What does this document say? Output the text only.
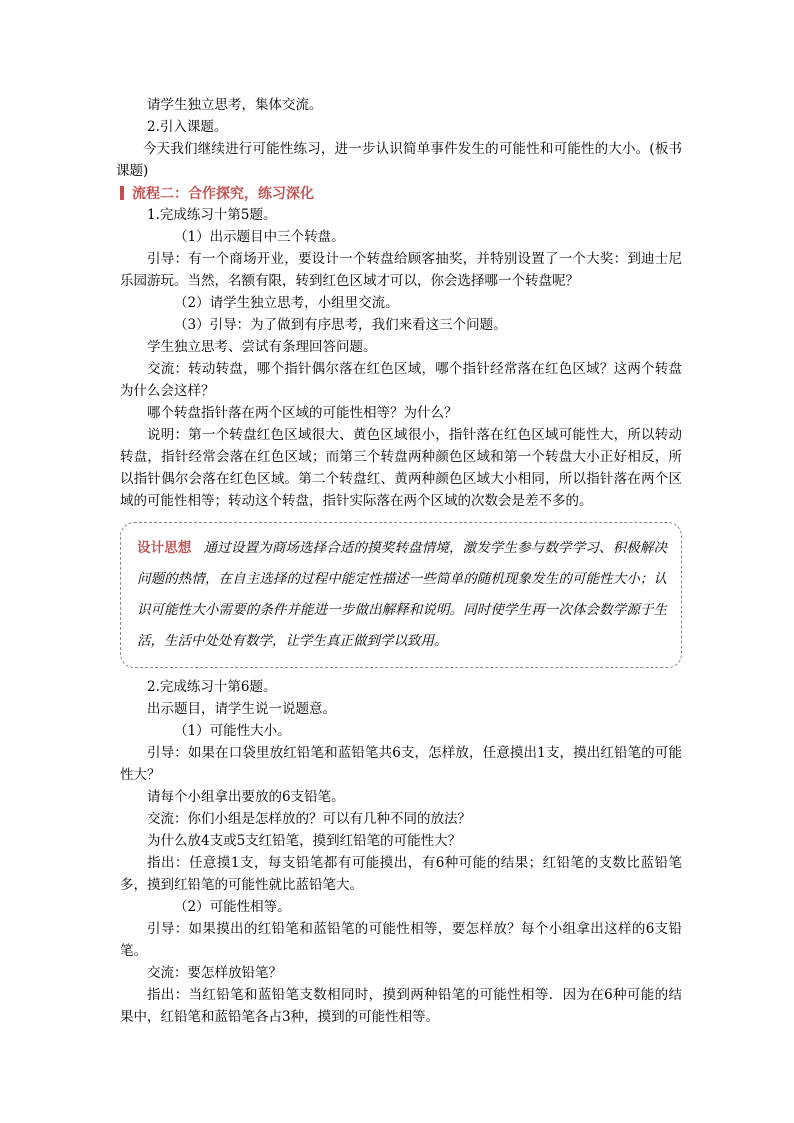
请学生独立思考，集体交流。

2.引入课题。

今天我们继续进行可能性练习，进一步认识简单事件发生的可能性和可能性的大小。(板书课题)

流程二：合作探究，练习深化

1.完成练习十第5题。

（1）出示题目中三个转盘。

引导：有一个商场开业，要设计一个转盘给顾客抽奖，并特别设置了一个大奖：到迪士尼乐园游玩。当然，名额有限，转到红色区域才可以，你会选择哪一个转盘呢？

（2）请学生独立思考，小组里交流。

（3）引导：为了做到有序思考，我们来看这三个问题。

学生独立思考、尝试有条理回答问题。

交流：转动转盘，哪个指针偶尔落在红色区域，哪个指针经常落在红色区域？这两个转盘为什么会这样？

哪个转盘指针落在两个区域的可能性相等？为什么？

说明：第一个转盘红色区域很大、黄色区域很小，指针落在红色区域可能性大，所以转动转盘，指针经常会落在红色区域；而第三个转盘两种颜色区域和第一个转盘大小正好相反，所以指针偶尔会落在红色区域。第二个转盘红、黄两种颜色区域大小相同，所以指针落在两个区域的可能性相等；转动这个转盘，指针实际落在两个区域的次数会是差不多的。

设计思想 通过设置为商场选择合适的摸奖转盘情境，激发学生参与数学学习、积极解决问题的热情，在自主选择的过程中能定性描述一些简单的随机现象发生的可能性大小；认识可能性大小需要的条件并能进一步做出解释和说明。同时使学生再一次体会数学源于生活，生活中处处有数学，让学生真正做到学以致用。

2.完成练习十第6题。

出示题目，请学生说一说题意。

（1）可能性大小。

引导：如果在口袋里放红铅笔和蓝铅笔共6支，怎样放，任意摸出1支，摸出红铅笔的可能性大？

请每个小组拿出要放的6支铅笔。

交流：你们小组是怎样放的？可以有几种不同的放法？

为什么放4支或5支红铅笔，摸到红铅笔的可能性大？

指出：任意摸1支，每支铅笔都有可能摸出，有6种可能的结果；红铅笔的支数比蓝铅笔多，摸到红铅笔的可能性就比蓝铅笔大。

（2）可能性相等。

引导：如果摸出的红铅笔和蓝铅笔的可能性相等，要怎样放？每个小组拿出这样的6支铅笔。

交流：要怎样放铅笔？

指出：当红铅笔和蓝铅笔支数相同时，摸到两种铅笔的可能性相等．因为在6种可能的结果中，红铅笔和蓝铅笔各占3种，摸到的可能性相等。
